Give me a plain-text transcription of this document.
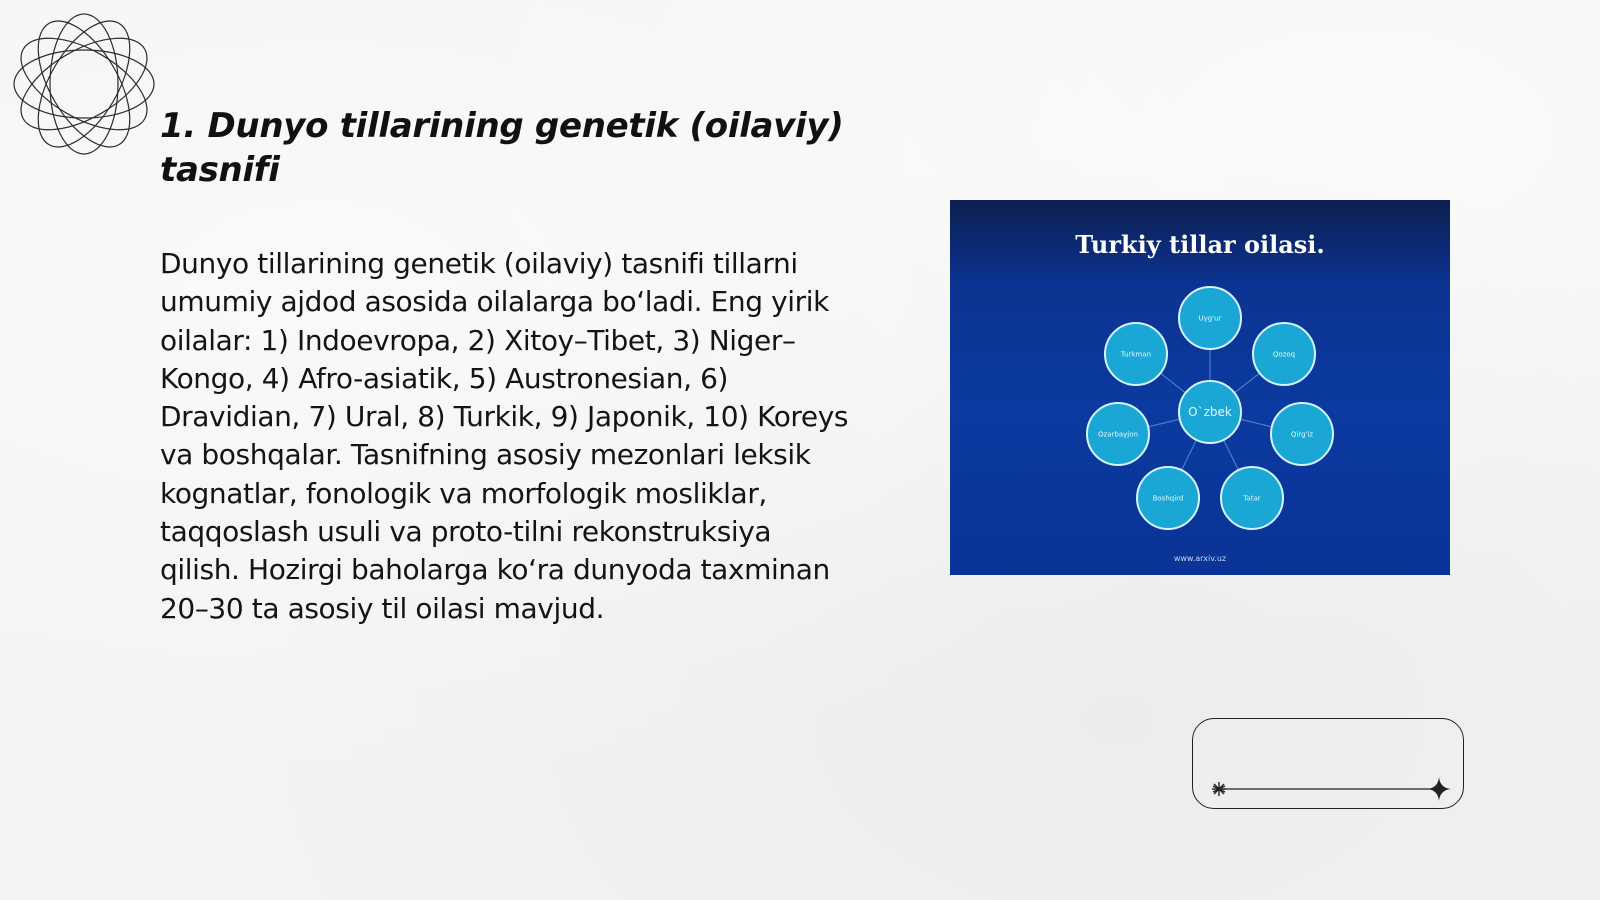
1. Dunyo tillarining genetik (oilaviy) tasnifi

Dunyo tillarining genetik (oilaviy) tasnifi tillarni umumiy ajdod asosida oilalarga bo‘ladi. Eng yirik oilalar: 1) Indoevropa, 2) Xitoy–Tibet, 3) Niger–Kongo, 4) Afro-asiatik, 5) Austronesian, 6) Dravidian, 7) Ural, 8) Turkik, 9) Japonik, 10) Koreys va boshqalar. Tasnifning asosiy mezonlari leksik kognatlar, fonologik va morfologik mosliklar, taqqoslash usuli va proto-tilni rekonstruksiya qilish. Hozirgi baholarga ko‘ra dunyoda taxminan 20–30 ta asosiy til oilasi mavjud.

Uyg'ur
Qozoq
Qirg'iz
Tatar
Boshqird
Ozarbayjon
Turkman
O`zbek
Turkiy tillar oilasi.
www.arxiv.uz
